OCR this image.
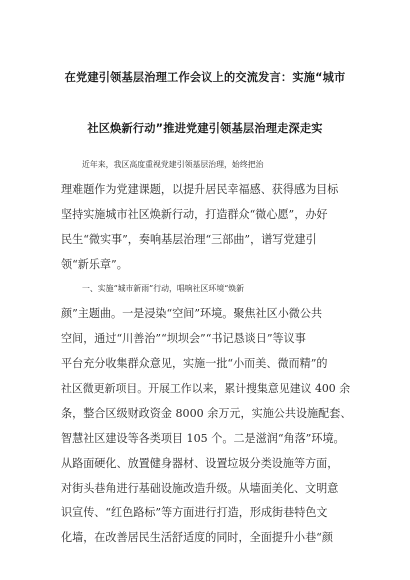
在党建引领基层治理工作会议上的交流发言：实施“城市
社区焕新行动”推进党建引领基层治理走深走实
近年来，我区高度重视党建引领基层治理，始终把治
理难题作为党建课题，以提升居民幸福感、获得感为目标
坚持实施城市社区焕新行动，打造群众“微心愿”，办好
民生“微实事”，奏响基层治理“三部曲”，谱写党建引
领“新乐章”。
一、实施“城市新雨”行动，唱响社区环境“焕新
颜”主题曲。一是浸染“空间”环境。聚焦社区小微公共
空间，通过“川善治”“坝坝会”“书记恳谈日”等议事
平台充分收集群众意见，实施一批“小而美、微而精”的
社区微更新项目。开展工作以来，累计搜集意见建议 400 余
条，整合区级财政资金 8000 余万元，实施公共设施配套、
智慧社区建设等各类项目 105 个。二是滋润“角落”环境。
从路面硬化、放置健身器材、设置垃圾分类设施等方面，
对街头巷角进行基础设施改造升级。从墙面美化、文明意
识宣传、“红色路标”等方面进行打造，形成街巷特色文
化墙，在改善居民生活舒适度的同时，全面提升小巷“颜
